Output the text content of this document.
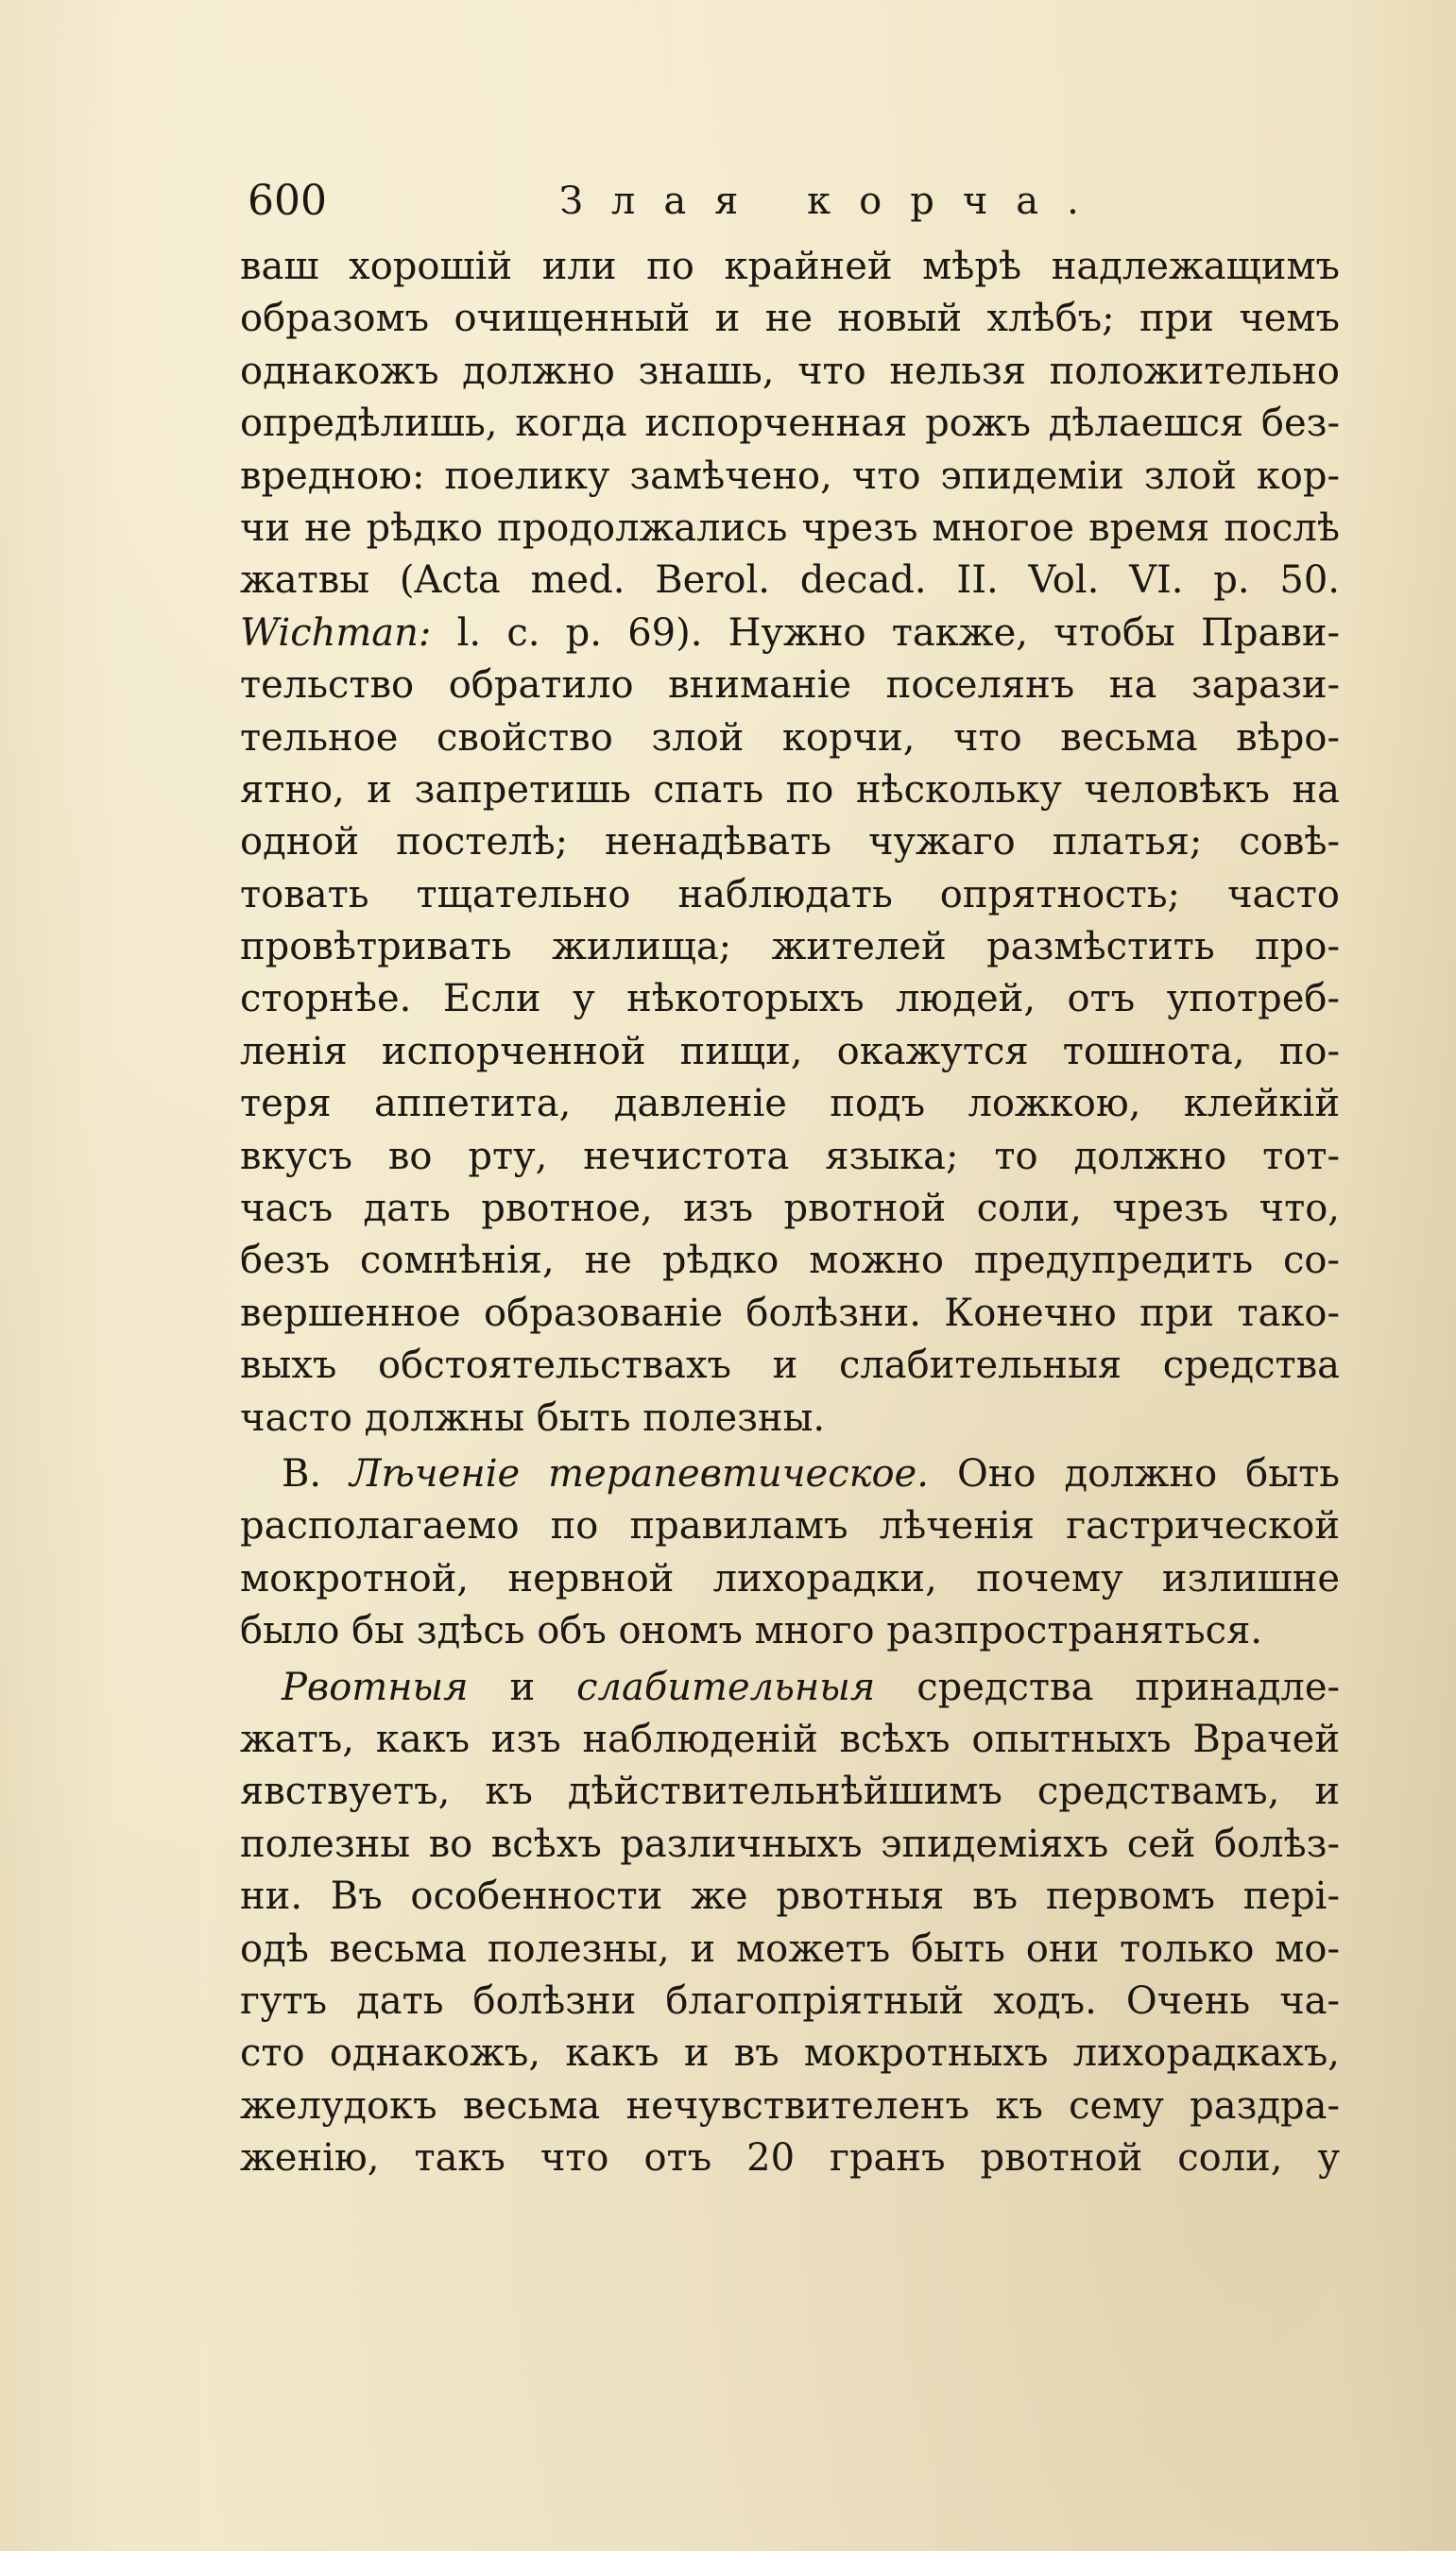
600	Злая корча.
ваш хорошій или по крайней мѣрѣ надлежащимъ
образомъ очищенный и не новый хлѣбъ; при чемъ
однакожъ должно знашь, что нельзя положительно
опредѣлишь, когда испорченная рожъ дѣлаешся без-
вредною: поелику замѣчено, что эпидеміи злой кор-
чи не рѣдко продолжались чрезъ многое время послѣ
жатвы (Acta med. Berol. decad. II. Vol. VI. p. 50.
Wichman: l. c. p. 69). Нужно также, чтобы Прави-
тельство обратило вниманіе поселянъ на зарази-
тельное свойство злой корчи, что весьма вѣро-
ятно, и запретишь спать по нѣскольку человѣкъ на
одной постелѣ; ненадѣвать чужаго платья; совѣ-
товать тщательно наблюдать опрятность; часто
провѣтривать жилища; жителей размѣстить про-
сторнѣе. Если у нѣкоторыхъ людей, отъ употреб-
ленія испорченной пищи, окажутся тошнота, по-
теря аппетита, давленіе подъ ложкою, клейкій
вкусъ во рту, нечистота языка; то должно тот-
часъ дать рвотное, изъ рвотной соли, чрезъ что,
безъ сомнѣнія, не рѣдко можно предупредить со-
вершенное образованіе болѣзни. Конечно при тако-
выхъ обстоятельствахъ и слабительныя средства
часто должны быть полезны.
В. Лѣченіе терапевтическое. Оно должно быть
располагаемо по правиламъ лѣченія гастрической
мокротной, нервной лихорадки, почему излишне
было бы здѣсь объ ономъ много разпространяться.
Рвотныя и слабительныя средства принадле-
жатъ, какъ изъ наблюденій всѣхъ опытныхъ Врачей
явствуетъ, къ дѣйствительнѣйшимъ средствамъ, и
полезны во всѣхъ различныхъ эпидеміяхъ сей болѣз-
ни. Въ особенности же рвотныя въ первомъ пері-
одѣ весьма полезны, и можетъ быть они только мо-
гутъ дать болѣзни благопріятный ходъ. Очень ча-
сто однакожъ, какъ и въ мокротныхъ лихорадкахъ,
желудокъ весьма нечувствителенъ къ сему раздра-
женію, такъ что отъ 20 гранъ рвотной соли, у
